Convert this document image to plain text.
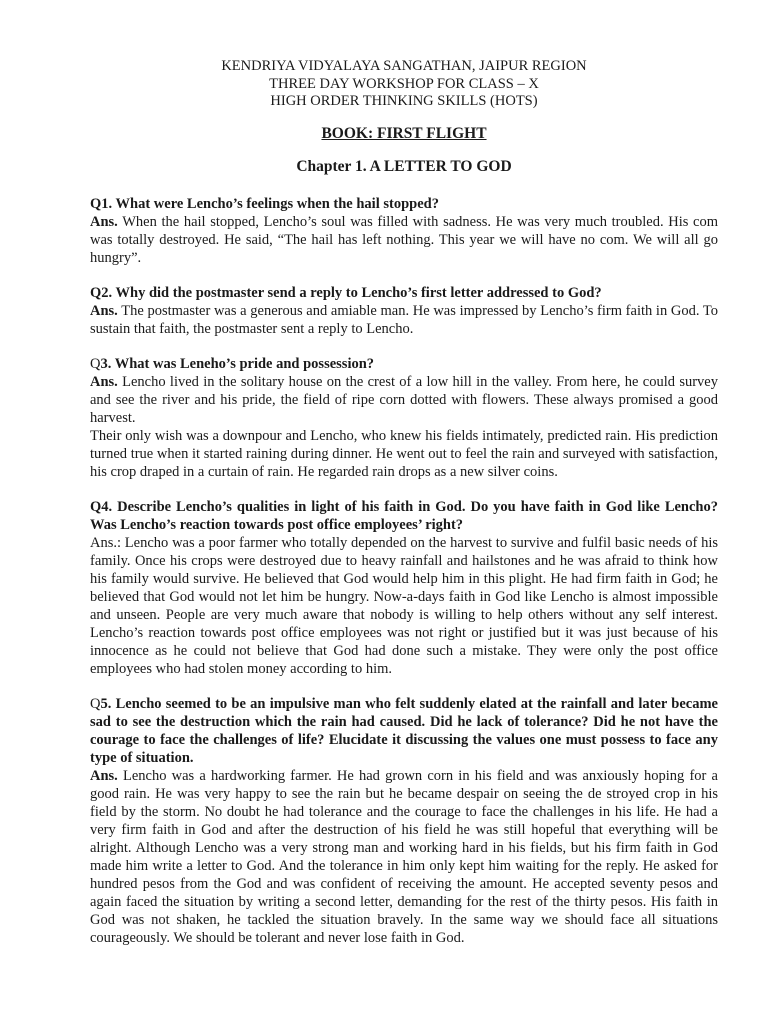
KENDRIYA VIDYALAYA SANGATHAN, JAIPUR REGION

THREE DAY WORKSHOP FOR CLASS – X

HIGH ORDER THINKING SKILLS (HOTS)

BOOK: FIRST FLIGHT
Chapter 1. A LETTER TO GOD

Q1. What were Lencho’s feelings when the hail stopped?

Ans. When the hail stopped, Lencho’s soul was filled with sadness. He was very much troubled. His com was totally destroyed. He said, “The hail has left nothing. This year we will have no com. We will all go hungry”.

Q2. Why did the postmaster send a reply to Lencho’s first letter addressed to God?

Ans. The postmaster was a generous and amiable man. He was impressed by Lencho’s firm faith in God. To sustain that faith, the postmaster sent a reply to Lencho.

Q3. What was Leneho’s pride and possession?

Ans. Lencho lived in the solitary house on the crest of a low hill in the valley. From here, he could survey and see the river and his pride, the field of ripe corn dotted with flowers. These always promised a good harvest.

Their only wish was a downpour and Lencho, who knew his fields intimately, predicted rain. His prediction turned true when it started raining during dinner. He went out to feel the rain and surveyed with satisfaction, his crop draped in a curtain of rain. He regarded rain drops as a new silver coins.

Q4. Describe Lencho’s qualities in light of his faith in God. Do you have faith in God like Lencho? Was Lencho’s reaction towards post office employees’ right?

Ans.: Lencho was a poor farmer who totally depended on the harvest to survive and fulfil basic needs of his family. Once his crops were destroyed due to heavy rainfall and hailstones and he was afraid to think how his family would survive. He believed that God would help him in this plight. He had firm faith in God; he believed that God would not let him be hungry. Now-a-days faith in God like Lencho is almost impossible and unseen. People are very much aware that nobody is willing to help others without any self interest. Lencho’s reaction towards post office employees was not right or justified but it was just because of his innocence as he could not believe that God had done such a mistake. They were only the post office employees who had stolen money according to him.

Q5. Lencho seemed to be an impulsive man who felt suddenly elated at the rainfall and later became sad to see the destruction which the rain had caused. Did he lack of tolerance? Did he not have the courage to face the challenges of life? Elucidate it discussing the values one must possess to face any type of situation.

Ans. Lencho was a hardworking farmer. He had grown corn in his field and was anxiously hoping for a good rain. He was very happy to see the rain but he became despair on seeing the de stroyed crop in his field by the storm. No doubt he had tolerance and the courage to face the challenges in his life. He had a very firm faith in God and after the destruction of his field he was still hopeful that everything will be alright. Although Lencho was a very strong man and working hard in his fields, but his firm faith in God made him write a letter to God. And the tolerance in him only kept him waiting for the reply. He asked for hundred pesos from the God and was confident of receiving the amount. He accepted seventy pesos and again faced the situation by writing a second letter, demanding for the rest of the thirty pesos. His faith in God was not shaken, he tackled the situation bravely. In the same way we should face all situations courageously. We should be tolerant and never lose faith in God.
